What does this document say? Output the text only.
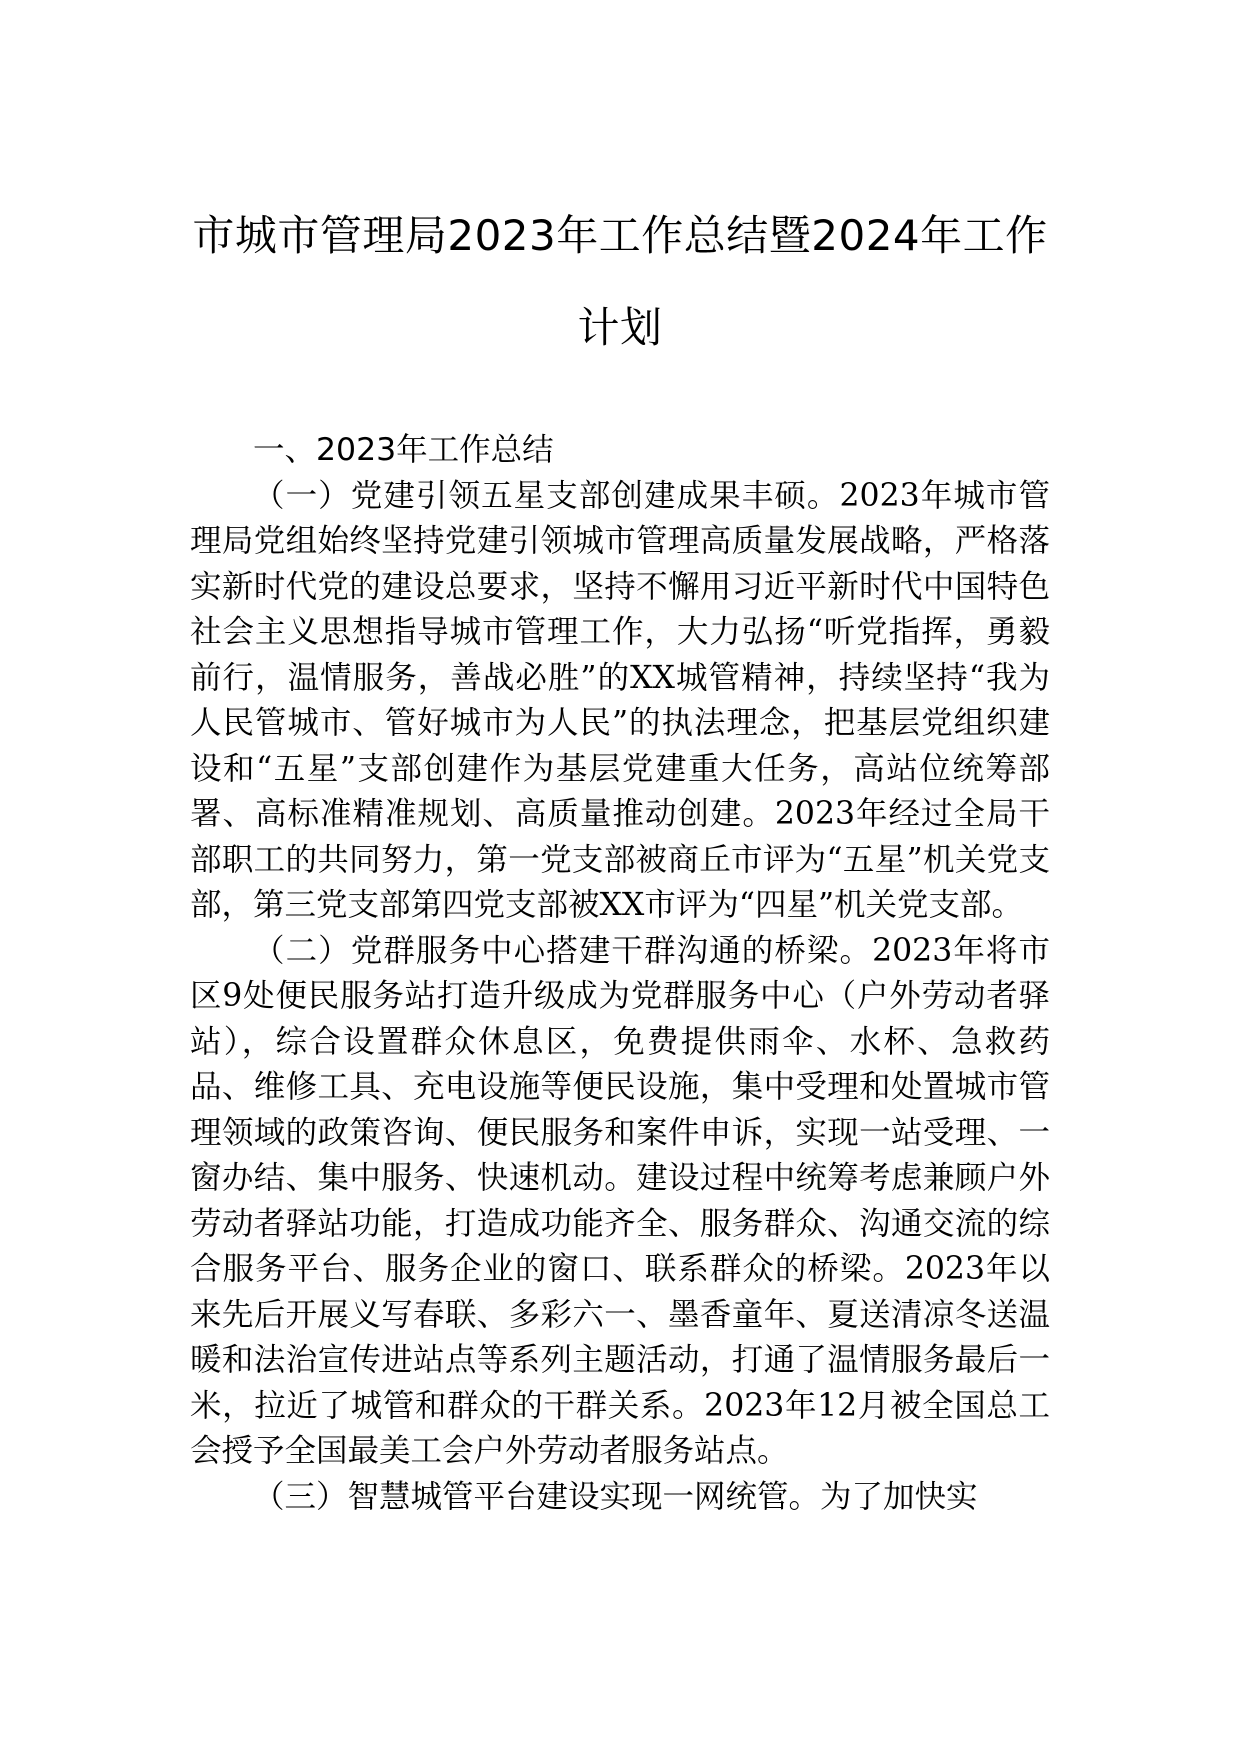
市城市管理局2023年工作总结暨2024年工作计划

一、2023年工作总结

（一）党建引领五星支部创建成果丰硕。2023年城市管理局党组始终坚持党建引领城市管理高质量发展战略，严格落实新时代党的建设总要求，坚持不懈用习近平新时代中国特色社会主义思想指导城市管理工作，大力弘扬“听党指挥，勇毅前行，温情服务，善战必胜”的XX城管精神，持续坚持“我为人民管城市、管好城市为人民”的执法理念，把基层党组织建设和“五星”支部创建作为基层党建重大任务，高站位统筹部署、高标准精准规划、高质量推动创建。2023年经过全局干部职工的共同努力，第一党支部被商丘市评为“五星”机关党支部，第三党支部第四党支部被XX市评为“四星”机关党支部。

（二）党群服务中心搭建干群沟通的桥梁。2023年将市区9处便民服务站打造升级成为党群服务中心（户外劳动者驿站），综合设置群众休息区，免费提供雨伞、水杯、急救药品、维修工具、充电设施等便民设施，集中受理和处置城市管理领域的政策咨询、便民服务和案件申诉，实现一站受理、一窗办结、集中服务、快速机动。建设过程中统筹考虑兼顾户外劳动者驿站功能，打造成功能齐全、服务群众、沟通交流的综合服务平台、服务企业的窗口、联系群众的桥梁。2023年以来先后开展义写春联、多彩六一、墨香童年、夏送清凉冬送温暖和法治宣传进站点等系列主题活动，打通了温情服务最后一米，拉近了城管和群众的干群关系。2023年12月被全国总工会授予全国最美工会户外劳动者服务站点。

（三）智慧城管平台建设实现一网统管。为了加快实
